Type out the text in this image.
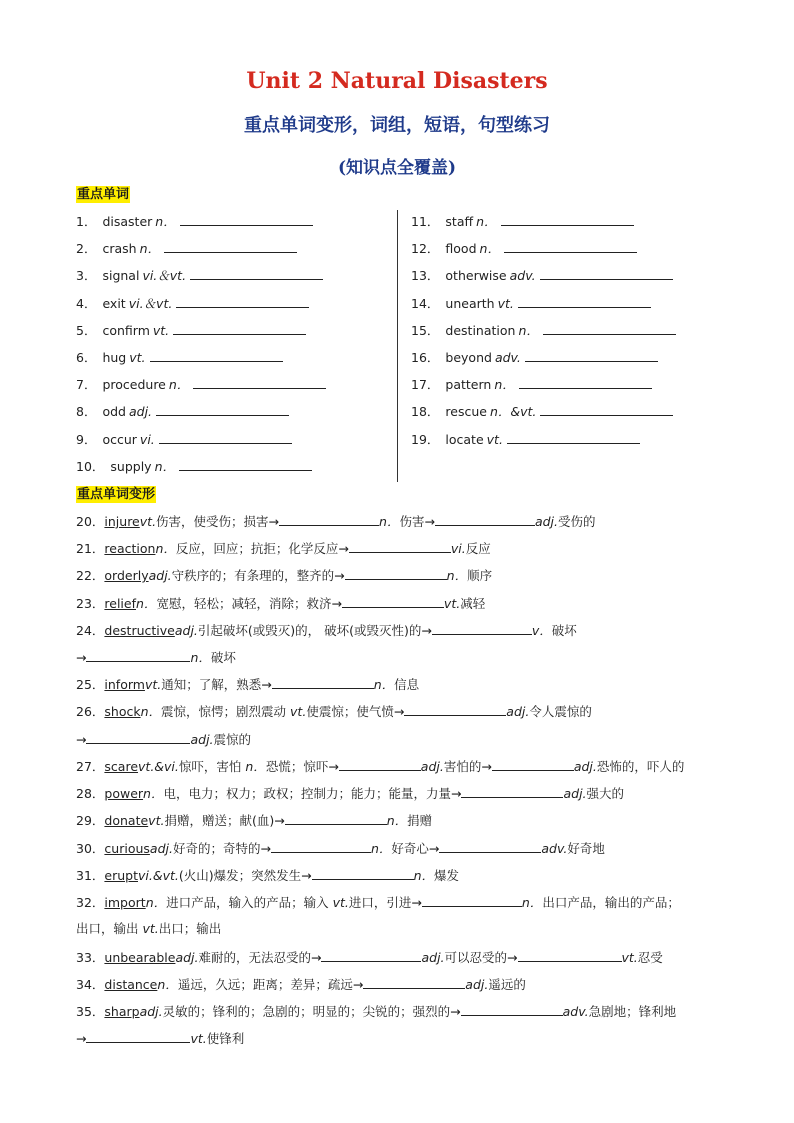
Unit 2 Natural Disasters
重点单词变形，词组，短语，句型练习
(知识点全覆盖)
重点单词
1． disaster n．
2． crash n．
3． signal vi.＆vt.
4． exit vi.＆vt.
5． confirm vt.
6． hug vt.
7． procedure n．
8． odd adj.
9． occur vi.
10． supply n．
11． staff n．
12． flood n．
13． otherwise adv.
14． unearth vt.
15． destination n．
16． beyond adv.
17． pattern n．
18． rescue n．&vt.
19． locate vt.
重点单词变形
20．injurevt.伤害，使受伤；损害→	n．伤害→	adj.受伤的
21．reactionn．反应，回应；抗拒；化学反应→	vi.反应
22．orderlyadj.守秩序的；有条理的，整齐的→	n．顺序
23．reliefn．宽慰，轻松；减轻，消除；救济→	vt.减轻
24．destructiveadj.引起破坏(或毁灭)的， 破坏(或毁灭性)的→	v．破坏
→	n．破坏
25．informvt.通知；了解，熟悉→	n．信息
26．shockn．震惊，惊愕；剧烈震动 vt.使震惊；使气愤→	adj.令人震惊的
→	adj.震惊的
27．scarevt.&vi.惊吓，害怕 n．恐慌；惊吓→	adj.害怕的→	adj.恐怖的，吓人的
28．powern．电，电力；权力；政权；控制力；能力；能量，力量→	adj.强大的
29．donatevt.捐赠，赠送；献(血)→	n．捐赠
30．curiousadj.好奇的；奇特的→	n．好奇心→	adv.好奇地
31．eruptvi.&vt.(火山)爆发；突然发生→	n．爆发
32．importn．进口产品，输入的产品；输入 vt.进口，引进→	n．出口产品，输出的产品；
出口，输出 vt.出口；输出
33．unbearableadj.难耐的，无法忍受的→	adj.可以忍受的→	vt.忍受
34．distancen．遥远，久远；距离；差异；疏远→	adj.遥远的
35．sharpadj.灵敏的；锋利的；急剧的；明显的；尖锐的；强烈的→	adv.急剧地；锋利地
→	vt.使锋利
